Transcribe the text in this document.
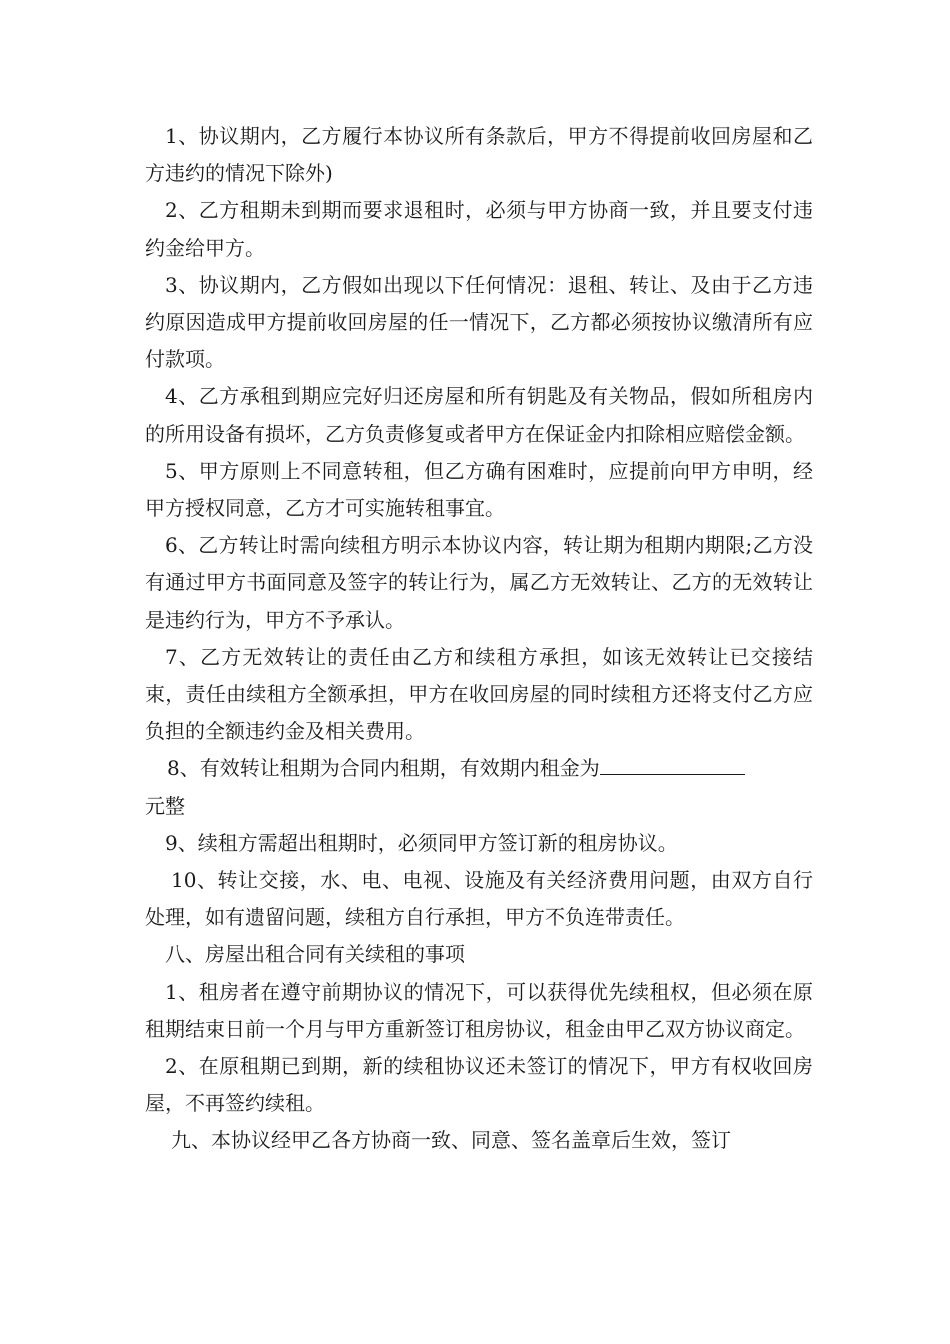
1、协议期内，乙方履行本协议所有条款后，甲方不得提前收回房屋和乙方违约的情况下除外)

2、乙方租期未到期而要求退租时，必须与甲方协商一致，并且要支付违约金给甲方。

3、协议期内，乙方假如出现以下任何情况：退租、转让、及由于乙方违约原因造成甲方提前收回房屋的任一情况下，乙方都必须按协议缴清所有应付款项。

4、乙方承租到期应完好归还房屋和所有钥匙及有关物品，假如所租房内的所用设备有损坏，乙方负责修复或者甲方在保证金内扣除相应赔偿金额。

5、甲方原则上不同意转租，但乙方确有困难时，应提前向甲方申明，经甲方授权同意，乙方才可实施转租事宜。

6、乙方转让时需向续租方明示本协议内容，转让期为租期内期限;乙方没有通过甲方书面同意及签字的转让行为，属乙方无效转让、乙方的无效转让是违约行为，甲方不予承认。

7、乙方无效转让的责任由乙方和续租方承担，如该无效转让已交接结束，责任由续租方全额承担，甲方在收回房屋的同时续租方还将支付乙方应负担的全额违约金及相关费用。

8、有效转让租期为合同内租期，有效期内租金为

元整

9、续租方需超出租期时，必须同甲方签订新的租房协议。

10、转让交接，水、电、电视、设施及有关经济费用问题，由双方自行处理，如有遗留问题，续租方自行承担，甲方不负连带责任。

八、房屋出租合同有关续租的事项

1、租房者在遵守前期协议的情况下，可以获得优先续租权，但必须在原租期结束日前一个月与甲方重新签订租房协议，租金由甲乙双方协议商定。

2、在原租期已到期，新的续租协议还未签订的情况下，甲方有权收回房屋，不再签约续租。

九、本协议经甲乙各方协商一致、同意、签名盖章后生效，签订
